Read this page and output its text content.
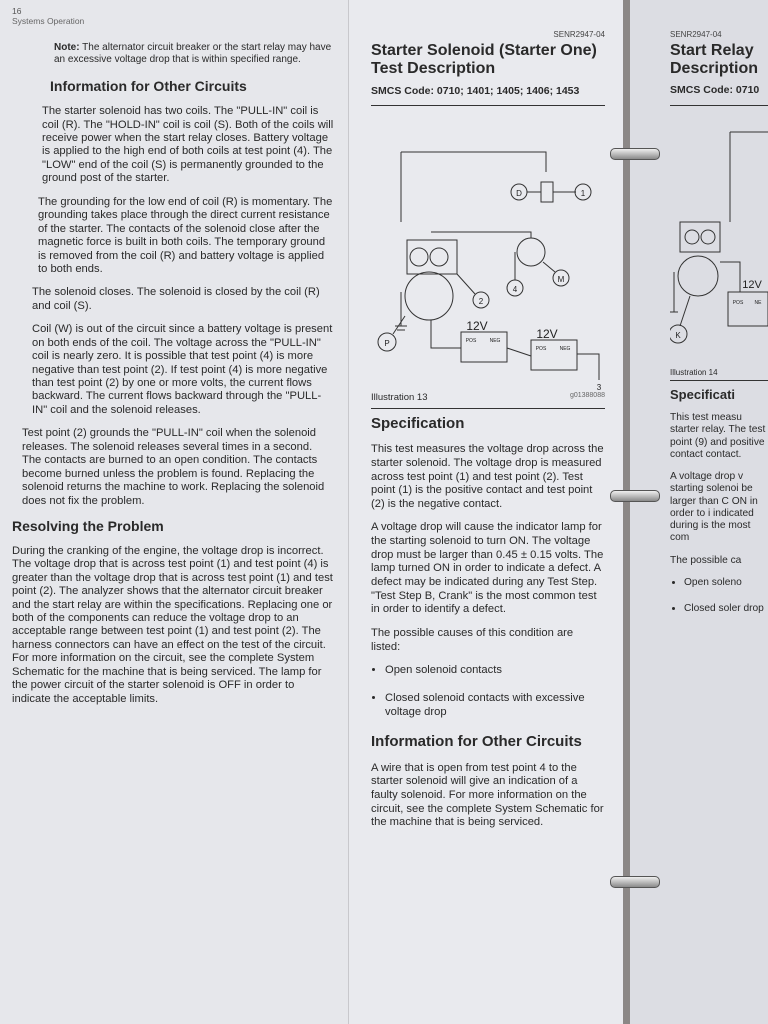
16

Systems Operation

Note: The alternator circuit breaker or the start relay may have an excessive voltage drop that is within specified range.

Information for Other Circuits

The starter solenoid has two coils. The "PULL-IN" coil is coil (R). The "HOLD-IN" coil is coil (S). Both of the coils will receive power when the start relay closes. Battery voltage is applied to the high end of both coils at test point (4). The "LOW" end of the coil (S) is permanently grounded to the ground post of the starter.

The grounding for the low end of coil (R) is momentary. The grounding takes place through the direct current resistance of the starter. The contacts of the solenoid close after the magnetic force is built in both coils. The temporary ground is removed from the coil (R) and battery voltage is applied to both ends.

The solenoid closes. The solenoid is closed by the coil (R) and coil (S).

Coil (W) is out of the circuit since a battery voltage is present on both ends of the coil. The voltage across the "PULL-IN" coil is nearly zero. It is possible that test point (4) is more negative than test point (2). If test point (4) is more negative than test point (2) by one or more volts, the current flows backward. The current flows backward through the "PULL-IN" coil and the solenoid releases.

Test point (2) grounds the "PULL-IN" coil when the solenoid releases. The solenoid releases several times in a second. The contacts are burned to an open condition. The contacts become burned unless the problem is found. Replacing the solenoid returns the machine to work. Replacing the solenoid does not fix the problem.

Resolving the Problem

During the cranking of the engine, the voltage drop is incorrect. The voltage drop that is across test point (1) and test point (4) is greater than the voltage drop that is across test point (1) and test point (2). The analyzer shows that the alternator circuit breaker and the start relay are within the specifications. Replacing one or both of the components can reduce the voltage drop to an acceptable range between test point (1) and test point (2). The harness connectors can have an effect on the test of the circuit. For more information on the circuit, see the complete System Schematic for the machine that is being serviced. The lamp for the power circuit of the starter solenoid is OFF in order to indicate the acceptable limits.

SENR2947-04

Starter Solenoid (Starter One)

Test Description

SMCS Code: 0710; 1401; 1405; 1406; 1453

D	1
2
4
M
P
3
12V
12V
POS	NEG
POS	NEG
Illustration 13	g01388088
Specification

This test measures the voltage drop across the starter solenoid. The voltage drop is measured across test point (1) and test point (2). Test point (1) is the positive contact and test point (2) is the negative contact.

A voltage drop will cause the indicator lamp for the starting solenoid to turn ON. The voltage drop must be larger than 0.45 ± 0.15 volts. The lamp turned ON in order to indicate a defect. A defect may be indicated during any Test Step. "Test Step B, Crank" is the most common test in order to identify a defect.

The possible causes of this condition are listed:

• Open solenoid contacts
• Closed solenoid contacts with excessive voltage drop
Information for Other Circuits

A wire that is open from test point 4 to the starter solenoid will give an indication of a faulty solenoid. For more information on the circuit, see the complete System Schematic for the machine that is being serviced.

SENR2947-04

Start Relay

Description

SMCS Code: 0710

K
12V
POS NE

Illustration 14

Specificati

This test measu starter relay. The test point (9) and positive contact contact.

A voltage drop v starting solenoi be larger than C ON in order to i indicated during is the most com

The possible ca

• Open soleno
• Closed soler drop
